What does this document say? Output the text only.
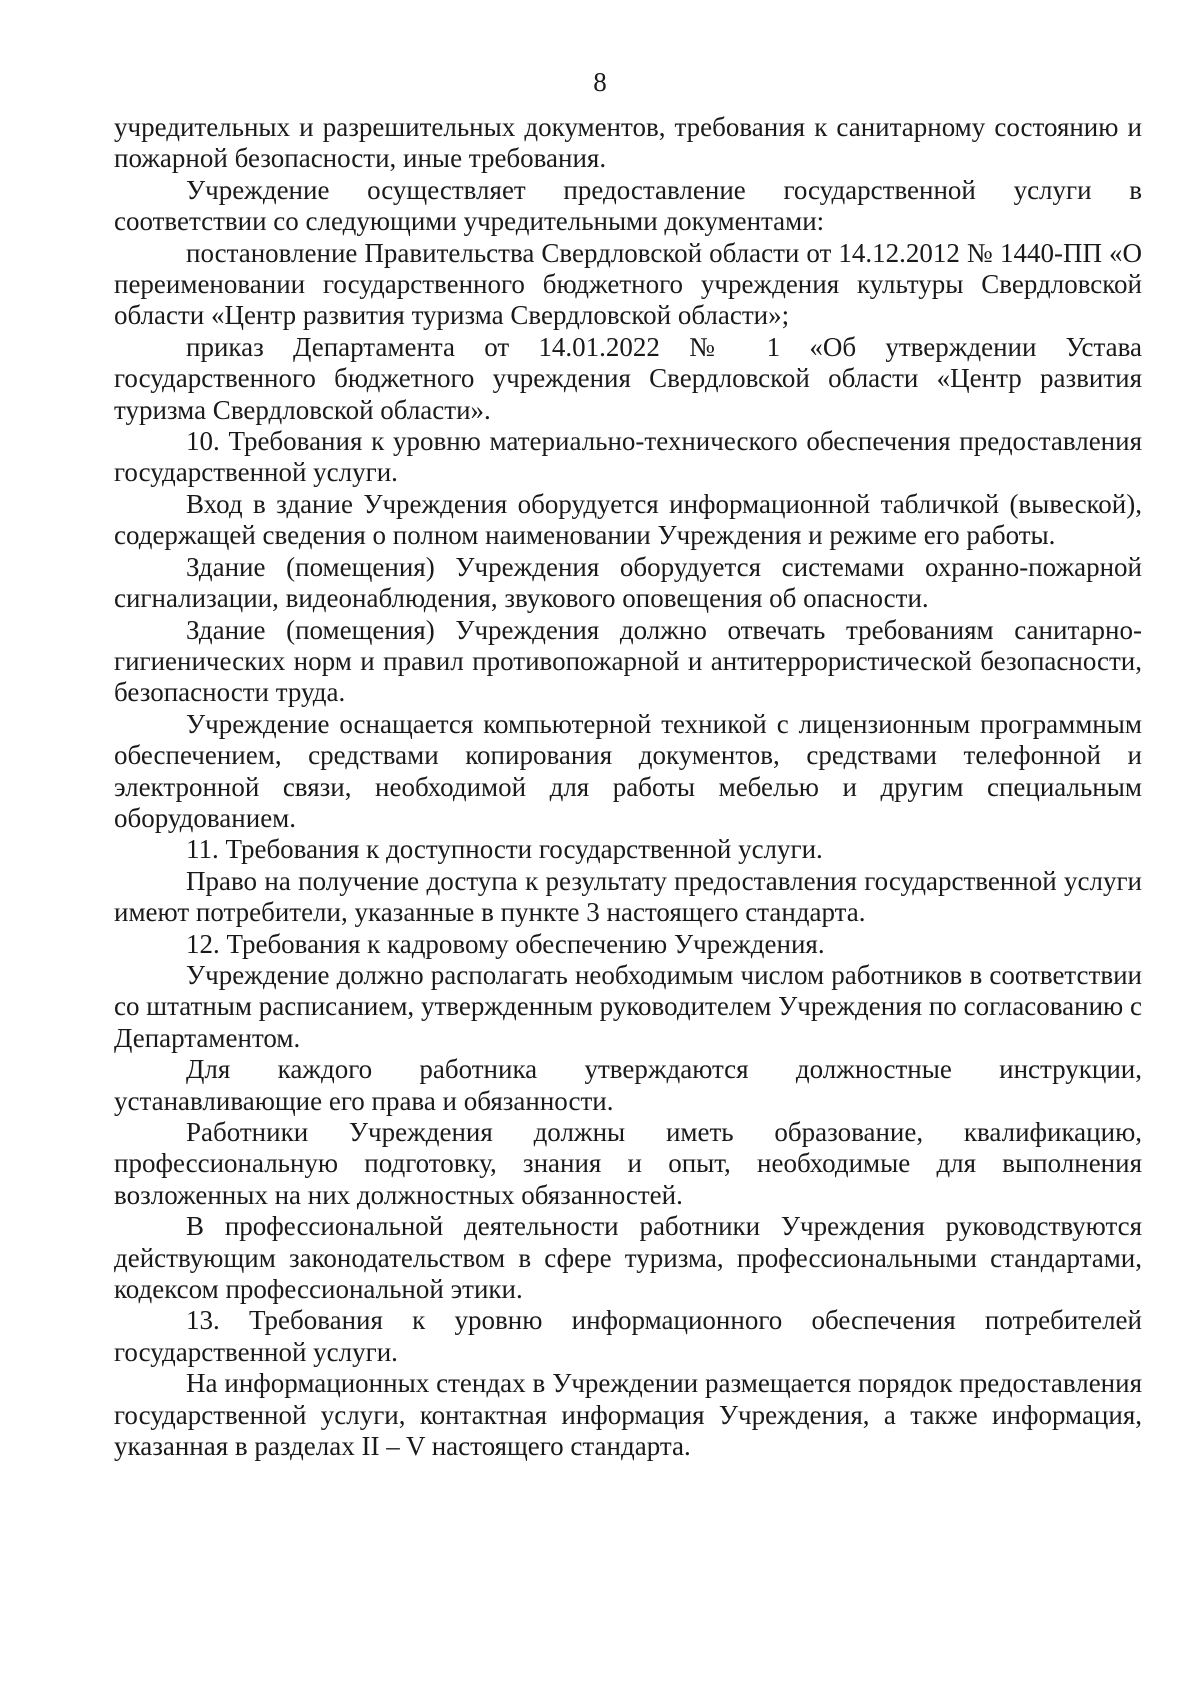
8

учредительных и разрешительных документов, требования к санитарному состоянию и пожарной безопасности, иные требования.

Учреждение осуществляет предоставление государственной услуги в соответствии со следующими учредительными документами:

постановление Правительства Свердловской области от 14.12.2012 № 1440-ПП «О переименовании государственного бюджетного учреждения культуры Свердловской области «Центр развития туризма Свердловской области»;

приказ Департамента от 14.01.2022 № 1 «Об утверждении Устава государственного бюджетного учреждения Свердловской области «Центр развития туризма Свердловской области».

10. Требования к уровню материально-технического обеспечения предоставления государственной услуги.

Вход в здание Учреждения оборудуется информационной табличкой (вывеской), содержащей сведения о полном наименовании Учреждения и режиме его работы.

Здание (помещения) Учреждения оборудуется системами охранно-пожарной сигнализации, видеонаблюдения, звукового оповещения об опасности.

Здание (помещения) Учреждения должно отвечать требованиям санитарно-гигиенических норм и правил противопожарной и антитеррористической безопасности, безопасности труда.

Учреждение оснащается компьютерной техникой с лицензионным программным обеспечением, средствами копирования документов, средствами телефонной и электронной связи, необходимой для работы мебелью и другим специальным оборудованием.

11. Требования к доступности государственной услуги.

Право на получение доступа к результату предоставления государственной услуги имеют потребители, указанные в пункте 3 настоящего стандарта.

12. Требования к кадровому обеспечению Учреждения.

Учреждение должно располагать необходимым числом работников в соответствии со штатным расписанием, утвержденным руководителем Учреждения по согласованию с Департаментом.

Для каждого работника утверждаются должностные инструкции, устанавливающие его права и обязанности.

Работники Учреждения должны иметь образование, квалификацию, профессиональную подготовку, знания и опыт, необходимые для выполнения возложенных на них должностных обязанностей.

В профессиональной деятельности работники Учреждения руководствуются действующим законодательством в сфере туризма, профессиональными стандартами, кодексом профессиональной этики.

13. Требования к уровню информационного обеспечения потребителей государственной услуги.

На информационных стендах в Учреждении размещается порядок предоставления государственной услуги, контактная информация Учреждения, а также информация, указанная в разделах II – V настоящего стандарта.
